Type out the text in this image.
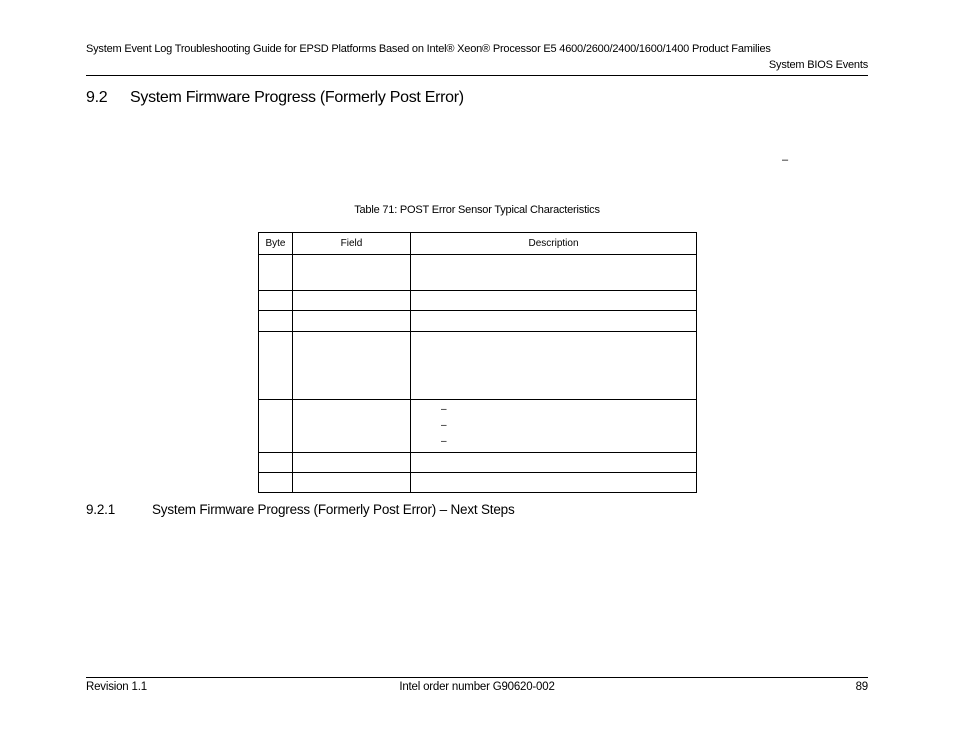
System Event Log Troubleshooting Guide for EPSD Platforms Based on Intel® Xeon® Processor E5 4600/2600/2400/1600/1400 Product Families
System BIOS Events
9.2 System Firmware Progress (Formerly Post Error)
–
Table 71: POST Error Sensor Typical Characteristics
Byte	Field	Description

		–
–
–

9.2.1	System Firmware Progress (Formerly Post Error) – Next Steps
Revision 1.1	Intel order number G90620-002	89
